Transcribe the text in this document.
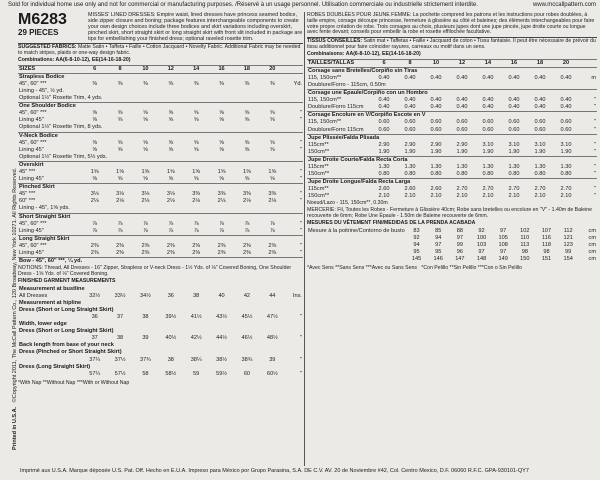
Sold for individual home use only and not for commercial or manufacturing purposes. /Réservé à un usage personnel. Utilisation commerciale ou industrielle strictement interdite.	www.mccallpattern.com
Printed in U.S.A.   ©Copyright 2011, The McCall Pattern Co., 120 Broadway, New York 10271. All Rights Reserved.
M6283
29 PIECES
MISSES' LINED DRESSES: Empire waist, lined dresses have princess seamed bodice, side zipper closure and boning; package features interchangeable components to create your own design choices include three bodices and skirt variations including overskirt, pinched skirt, short straight skirt or long straight skirt with front slit included in package are tips for embellishing your finished dress; optional raveled rosette trim.
SUGGESTED FABRICS: Matte Satin • Taffeta • Faille • Cotton Jacquard • Novelty Fabric. Additional Fabric may be needed to match stripes, plaids or one-way design fabric.
Combinations: AA(6-8-10-12), EE(14-16-18-20)
SIZES	6	8	10	12	14	16	18	20	
Strapless Bodice									
45", 60" ***	⅜	⅜	⅜	⅜	⅜	⅜	⅜	⅜	Yd.
Lining - 45", ½ yd.									
Optional 1½" Rosette Trim, 4 yds.									
One Shoulder Bodice									
45", 60" ***	⅝	⅝	⅝	⅝	⅝	⅝	⅝	⅝	"
Lining 45"	⅝	⅝	⅝	⅝	⅝	⅝	⅝	⅝	"
Optional 1½" Rosette Trim, 8 yds.									
V-Neck Bodice									
45", 60" ***	⅝	⅝	⅝	⅝	⅝	⅝	⅝	⅝	"
Lining 45"	⅝	⅝	⅝	⅝	⅝	⅝	⅝	⅝	"
Optional 1½" Rosette Trim, 5⅓ yds.									
Overskirt									
45" ***	1⅝	1⅝	1⅝	1⅝	1⅝	1⅝	1⅝	1⅝	"
Lining 45"	⅝	⅝	⅝	⅝	⅝	⅝	⅝	⅝	"
Pinched Skirt									
45" ***	3⅛	3⅛	3⅛	3⅛	3⅜	3⅜	3⅜	3⅜	"
60" ***	2⅛	2⅛	2⅛	2⅛	2⅛	2⅛	2⅛	2⅛	"
Lining - 45", 1⅝ yds.									
Short Straight Skirt									
45", 60" ***	⅞	⅞	⅞	⅞	⅞	⅞	⅞	⅞	"
Lining 45"	⅞	⅞	⅞	⅞	⅞	⅞	⅞	⅞	"
Long Straight Skirt									
45", 60" ***	2⅜	2⅜	2⅜	2⅜	2⅜	2⅜	2⅜	2⅜	"
Lining 45"	2⅜	2⅜	2⅜	2⅜	2⅜	2⅜	2⅜	2⅜	"
Bow - 45", 60" ***, ¼ yd.									
NOTIONS: Thread, All Dresses - 16" Zipper, Strapless or V-neck Dress - 1½ Yds. of ⅛" Covered Boning, One Shoulder Dress - 1⅝ Yds. of ⅛" Covered Boning.
FINISHED GARMENT MEASUREMENTS
Measurement at bustline									
All Dresses	32½	33½	34½	36	38	40	42	44	Ins.
Measurement at hipline									
Dress (Short or Long Straight Skirt)									
	36	37	38	39½	41½	43½	45½	47½	"
Width, lower edge									
Dress (Short or Long Straight Skirt)									
	37	38	39	40½	42½	44½	46½	48½	"
Back length from base of your neck									
Dress (Pinched or Short Straight Skirt)									
	37¼	37½	37¾	38	38¼	38½	38¾	39	"
Dress (Long Straight Skirt)									
	57¼	57½	58	58½	59	59½	60	60½	"
*With Nap **Without Nap ***With or Without Nap
ROBES DOUBLÉES POUR JEUNE FEMME: La pochette comprend les patrons et les instructions pour robes doublées, à taille empire, corsage découpe princesse, fermeture à glissière au côté et baleines; des éléments interchangeables pour faire votre propre création de robe. Trois corsages au choix, plusieurs jupes dont une jupe pincée, jupe droite courte ou longue avec fente devant; conseils pour embellir la robe et rosette effilochée facultative.
TISSUS CONSEILLÉS: Satin mat • Taffetas • Faille • Jacquard de coton • Tissu fantaisie. Il peut être nécessaire de prévoir du tissu additionnel pour faire coïncider rayures, carreaux ou motif dans un sens.
Combinaisons: AA(6-8-10-12), EE(14-16-18-20)
TAILLES/TALLAS	6	8	10	12	14	16	18	20	
Corsage sans Bretelles/Corpiño sin Tiras									
115, 150cm**	0.40	0.40	0.40	0.40	0.40	0.40	0.40	0.40	m
Doublure/Forro - 115cm, 0.50m									
Corsage une Épaule/Corpiño con un Hombro									
115, 150cm**	0.40	0.40	0.40	0.40	0.40	0.40	0.40	0.40	"
Doublure/Forro 115cm	0.40	0.40	0.40	0.40	0.40	0.40	0.40	0.40	"
Corsage Encolure en V/Corpiño Escote en V									
115, 150cm**	0.60	0.60	0.60	0.60	0.60	0.60	0.60	0.60	"
Doublure/Forro 115cm	0.60	0.60	0.60	0.60	0.60	0.60	0.60	0.60	"
Jupe Plissée/Falda Plisada									
115cm**	2.90	2.90	2.90	2.90	3.10	3.10	3.10	3.10	"
150cm**	1.90	1.90	1.90	1.90	1.90	1.90	1.90	1.90	"
Jupe Droite Courte/Falda Recta Corta									
115cm**	1.30	1.30	1.30	1.30	1.30	1.30	1.30	1.30	"
150cm**	0.80	0.80	0.80	0.80	0.80	0.80	0.80	0.80	"
Jupe Droite Longue/Falda Recta Larga									
115cm**	2.60	2.60	2.60	2.70	2.70	2.70	2.70	2.70	"
150cm**	2.10	2.10	2.10	2.10	2.10	2.10	2.10	2.10	"
Noeud/Lazo - 115, 150cm**, 0.30m
MERCERIE: Fil, Toutes les Robes - Fermeture à Glissière 40cm; Robe sans bretelles ou encolure en "V" - 1.40m de Baleine recouverte de 6mm; Robe Une Épaule - 1.50m de Baleine recouverte de 6mm.
MESURES DU VÊTEMENT FINI/MEDIDAS DE LA PRENDA ACABADA
Mesure à la poitrine/Contorno de busto	83	85	88	92	97	102	107	112	cm
	92	94	97	100	105	110	116	121	cm
	94	97	99	103	108	113	118	123	cm
	95	95	96	97	97	98	98	99	cm
	145	146	147	148	149	150	151	154	cm
*Avec Sens **Sans Sens ***Avec ou Sans Sens *Con Pelillo **Sin Pelillo ***Con o Sin Pelillo
Imprimé aux U.S.A. Marque déposée U.S. Pat. Off. Hecho en E.U.A. Impreso para México por Grupo Parasina, S.A. DE C.V. AV. 20 de Noviembre #42, Col. Centro Mexico, D.F. 06060 R.F.C. GPA-930101-QY7
